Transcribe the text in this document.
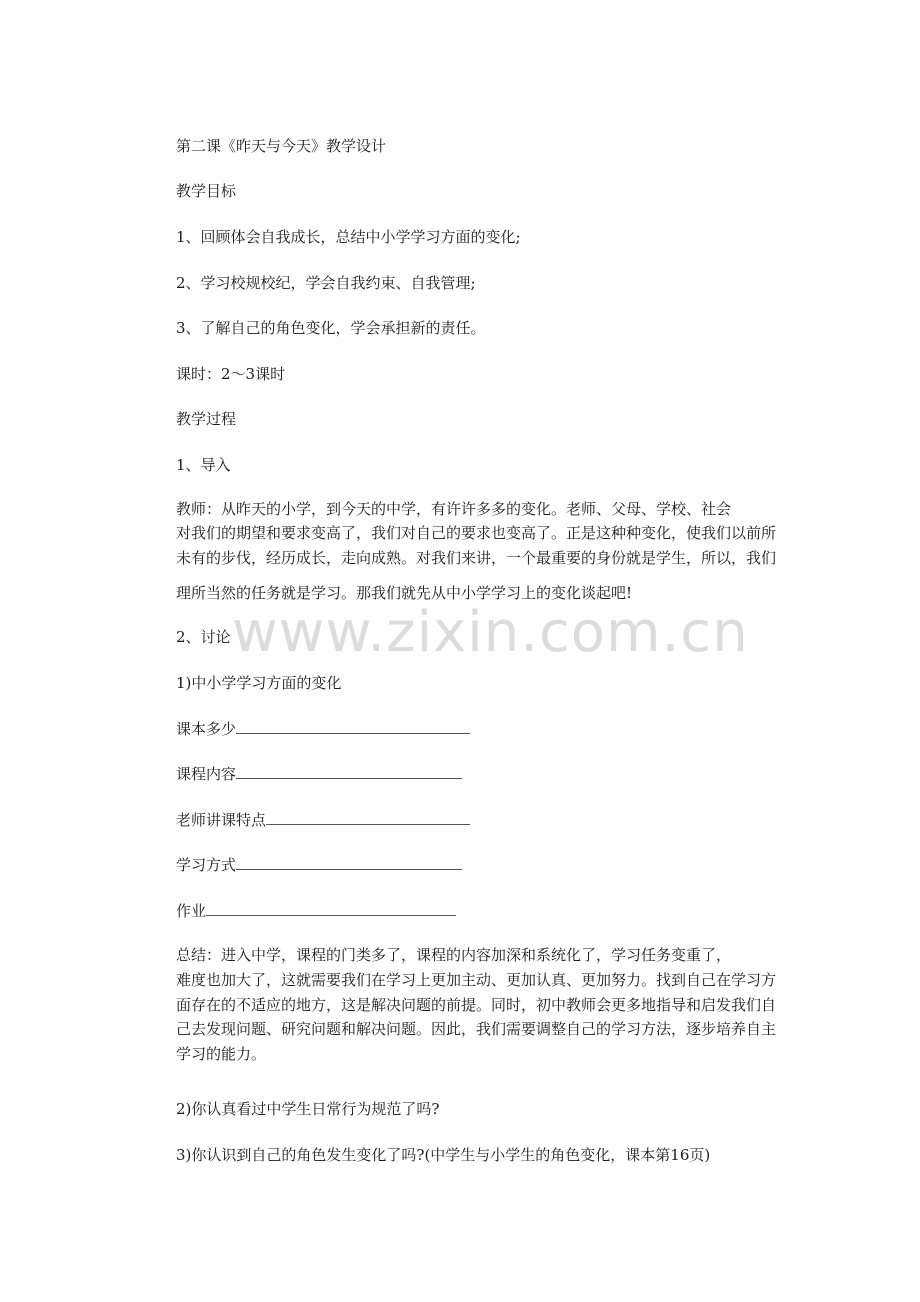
第二课《昨天与今天》教学设计

教学目标

1、回顾体会自我成长，总结中小学学习方面的变化;

2、学习校规校纪，学会自我约束、自我管理;

3、了解自己的角色变化，学会承担新的责任。

课时：2～3课时

教学过程

1、导入

教师：从昨天的小学，到今天的中学，有许许多多的变化。老师、父母、学校、社会

对我们的期望和要求变高了，我们对自己的要求也变高了。正是这种种变化，使我们以前所

未有的步伐，经历成长，走向成熟。对我们来讲，一个最重要的身份就是学生，所以，我们

理所当然的任务就是学习。那我们就先从中小学学习上的变化谈起吧!

2、讨论

1)中小学学习方面的变化

课本多少

课程内容

老师讲课特点

学习方式

作业

总结：进入中学，课程的门类多了，课程的内容加深和系统化了，学习任务变重了，

难度也加大了，这就需要我们在学习上更加主动、更加认真、更加努力。找到自己在学习方

面存在的不适应的地方，这是解决问题的前提。同时，初中教师会更多地指导和启发我们自

己去发现问题、研究问题和解决问题。因此，我们需要调整自己的学习方法，逐步培养自主

学习的能力。

2)你认真看过中学生日常行为规范了吗?

3)你认识到自己的角色发生变化了吗?(中学生与小学生的角色变化，课本第16页)

www.zixin.com.cn
